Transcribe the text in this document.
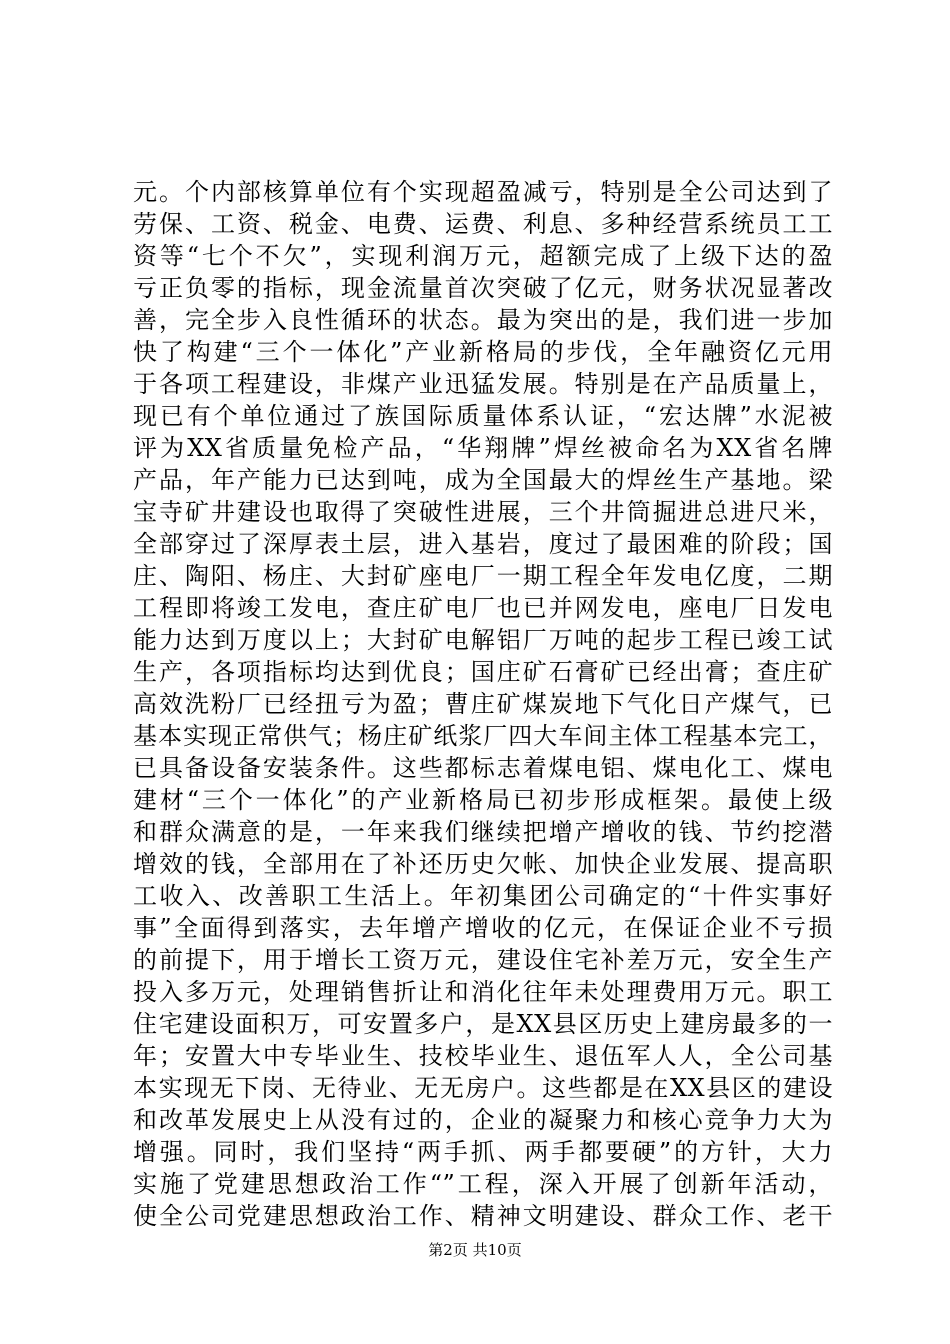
元。个内部核算单位有个实现超盈减亏，特别是全公司达到了
劳保、工资、税金、电费、运费、利息、多种经营系统员工工
资等“七个不欠”，实现利润万元，超额完成了上级下达的盈
亏正负零的指标，现金流量首次突破了亿元，财务状况显著改
善，完全步入良性循环的状态。最为突出的是，我们进一步加
快了构建“三个一体化”产业新格局的步伐，全年融资亿元用
于各项工程建设，非煤产业迅猛发展。特别是在产品质量上，
现已有个单位通过了族国际质量体系认证，“宏达牌”水泥被
评为XX省质量免检产品，“华翔牌”焊丝被命名为XX省名牌
产品，年产能力已达到吨，成为全国最大的焊丝生产基地。梁
宝寺矿井建设也取得了突破性进展，三个井筒掘进总进尺米，
全部穿过了深厚表土层，进入基岩，度过了最困难的阶段；国
庄、陶阳、杨庄、大封矿座电厂一期工程全年发电亿度，二期
工程即将竣工发电，查庄矿电厂也已并网发电，座电厂日发电
能力达到万度以上；大封矿电解铝厂万吨的起步工程已竣工试
生产，各项指标均达到优良；国庄矿石膏矿已经出膏；查庄矿
高效洗粉厂已经扭亏为盈；曹庄矿煤炭地下气化日产煤气，已
基本实现正常供气；杨庄矿纸浆厂四大车间主体工程基本完工，
已具备设备安装条件。这些都标志着煤电铝、煤电化工、煤电
建材“三个一体化”的产业新格局已初步形成框架。最使上级
和群众满意的是，一年来我们继续把增产增收的钱、节约挖潜
增效的钱，全部用在了补还历史欠帐、加快企业发展、提高职
工收入、改善职工生活上。年初集团公司确定的“十件实事好
事”全面得到落实，去年增产增收的亿元，在保证企业不亏损
的前提下，用于增长工资万元，建设住宅补差万元，安全生产
投入多万元，处理销售折让和消化往年未处理费用万元。职工
住宅建设面积万，可安置多户，是XX县区历史上建房最多的一
年；安置大中专毕业生、技校毕业生、退伍军人人，全公司基
本实现无下岗、无待业、无无房户。这些都是在XX县区的建设
和改革发展史上从没有过的，企业的凝聚力和核心竞争力大为
增强。同时，我们坚持“两手抓、两手都要硬”的方针，大力
实施了党建思想政治工作“”工程，深入开展了创新年活动，
使全公司党建思想政治工作、精神文明建设、群众工作、老干
第2页 共10页
